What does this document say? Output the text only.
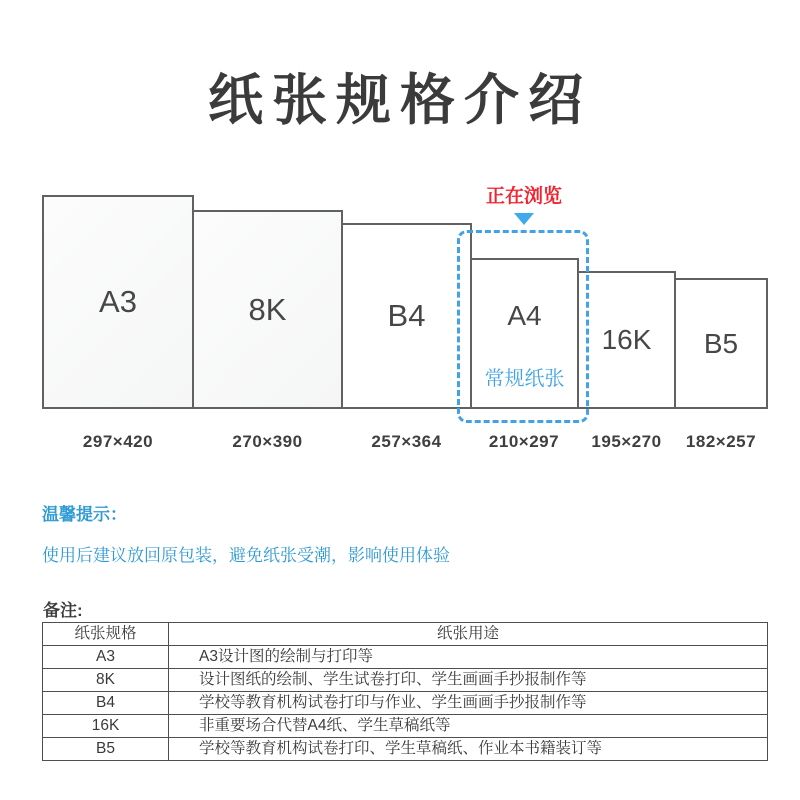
纸张规格介绍
正在浏览
A3	8K	B4	A4
常规纸张
16K B5
297×420	270×390	257×364	210×297	195×270	182×257
温馨提示：
使用后建议放回原包装，避免纸张受潮，影响使用体验
备注:
纸张规格	纸张用途
A3	A3设计图的绘制与打印等
8K	设计图纸的绘制、学生试卷打印、学生画画手抄报制作等
B4	学校等教育机构试卷打印与作业、学生画画手抄报制作等
16K	非重要场合代替A4纸、学生草稿纸等
B5	学校等教育机构试卷打印、学生草稿纸、作业本书籍装订等
